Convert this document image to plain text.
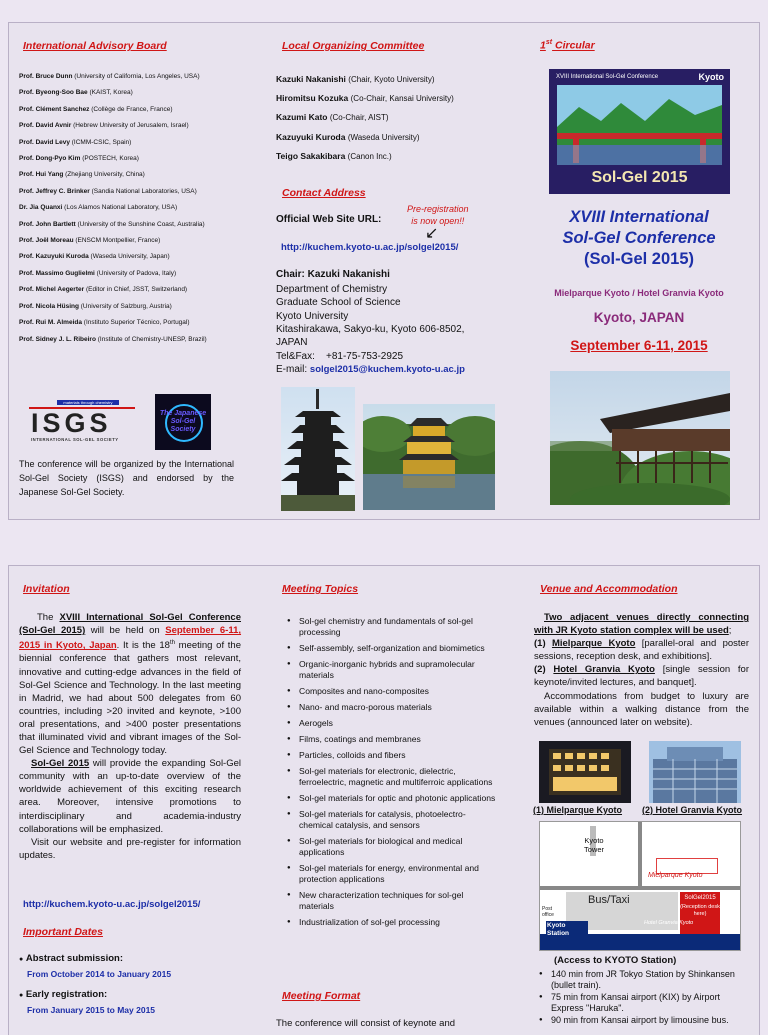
International Advisory Board
Prof. Bruce Dunn (University of California, Los Angeles, USA)
Prof. Byeong-Soo Bae (KAIST, Korea)
Prof. Clément Sanchez (Collège de France, France)
Prof. David Avnir (Hebrew University of Jerusalem, Israel)
Prof. David Levy (ICMM-CSIC, Spain)
Prof. Dong-Pyo Kim (POSTECH, Korea)
Prof. Hui Yang (Zhejiang University, China)
Prof. Jeffrey C. Brinker (Sandia National Laboratories, USA)
Dr. Jia Quanxi (Los Alamos National Laboratory, USA)
Prof. John Bartlett (University of the Sunshine Coast, Australia)
Prof. Joël Moreau (ENSCM Montpellier, France)
Prof. Kazuyuki Kuroda (Waseda University, Japan)
Prof. Massimo Guglielmi (University of Padova, Italy)
Prof. Michel Aegerter (Editor in Chief, JSST, Switzerland)
Prof. Nicola Hüsing (University of Salzburg, Austria)
Prof. Rui M. Almeida (Instituto Superior Técnico, Portugal)
Prof. Sidney J. L. Ribeiro (Institute of Chemistry-UNESP, Brazil)
materials through chemistry
ISGS
INTERNATIONAL SOL-GEL SOCIETY
The Japanese Sol-Gel Society
The conference will be organized by the International Sol-Gel Society (ISGS) and endorsed by the Japanese Sol-Gel Society.
Local Organizing Committee
Kazuki Nakanishi (Chair, Kyoto University)
Hiromitsu Kozuka (Co-Chair, Kansai University)
Kazumi Kato (Co-Chair, AIST)
Kazuyuki Kuroda (Waseda University)
Teigo Sakakibara (Canon Inc.)
Contact Address
Pre-registration
is now open!!
↙
Official Web Site URL:
http://kuchem.kyoto-u.ac.jp/solgel2015/
Chair: Kazuki Nakanishi
Department of Chemistry
Graduate School of Science
Kyoto University
Kitashirakawa, Sakyo-ku, Kyoto 606-8502,
JAPAN
Tel&Fax:    +81-75-753-2925
E-mail: solgel2015@kuchem.kyoto-u.ac.jp
1st Circular
XVIII International Sol-Gel Conference	Kyoto
Sol-Gel 2015
XVIII International
Sol-Gel Conference
(Sol-Gel 2015)
Mielparque Kyoto / Hotel Granvia Kyoto
Kyoto, JAPAN
September 6-11, 2015
Invitation
The XVIII International Sol-Gel Conference (Sol-Gel 2015) will be held on September 6-11, 2015 in Kyoto, Japan. It is the 18th meeting of the biennial conference that gathers most relevant, innovative and cutting-edge advances in the field of Sol-Gel Science and Technology. In the last meeting in Madrid, we had about 500 delegates from 60 countries, including >20 invited and keynote, >100 oral presentations, and >400 poster presentations that illuminated vivid and vibrant images of the Sol-Gel Science and Technology today.
Sol-Gel 2015 will provide the expanding Sol-Gel community with an up-to-date overview of the worldwide achievement of this exciting research area. Moreover, intensive promotions to interdisciplinary and academia-industry collaborations will be emphasized.
Visit our website and pre-register for information updates.
http://kuchem.kyoto-u.ac.jp/solgel2015/
Important Dates
● Abstract submission:
From October 2014 to January 2015
● Early registration:
From January 2015 to May 2015
Meeting Topics
● Sol-gel chemistry and fundamentals of sol-gel processing
● Self-assembly, self-organization and biomimetics
● Organic-inorganic hybrids and supramolecular materials
● Composites and nano-composites
● Nano- and macro-porous materials
● Aerogels
● Films, coatings and membranes
● Particles, colloids and fibers
● Sol-gel materials for electronic, dielectric, ferroelectric, magnetic and multiferroic applications
● Sol-gel materials for optic and photonic applications
● Sol-gel materials for catalysis, photoelectro-chemical catalysis, and sensors
● Sol-gel materials for biological and medical applications
● Sol-gel materials for energy, environmental and protection applications
● New characterization techniques for sol-gel materials
● Industrialization of sol-gel processing
Meeting Format
The conference will consist of keynote and
Venue and Accommodation
Two adjacent venues directly connecting with JR Kyoto station complex will be used;
(1) Mielparque Kyoto [parallel-oral and poster sessions, reception desk, and exhibitions].
(2) Hotel Granvia Kyoto [single session for keynote/invited lectures, and banquet].
Accommodations from budget to luxury are available within a walking distance from the venues (announced later on website).
(1) Mielparque Kyoto (2) Hotel Granvia Kyoto
Kyoto Tower
Mielparque Kyoto
Bus/Taxi
Post office
SolGel2015
(Reception desk here)
Kyoto Station
Hotel Granvia Kyoto
(Access to KYOTO Station)
● 140 min from JR Tokyo Station by Shinkansen (bullet train).
● 75 min from Kansai airport (KIX) by Airport Express "Haruka".
● 90 min from Kansai airport by limousine bus.
